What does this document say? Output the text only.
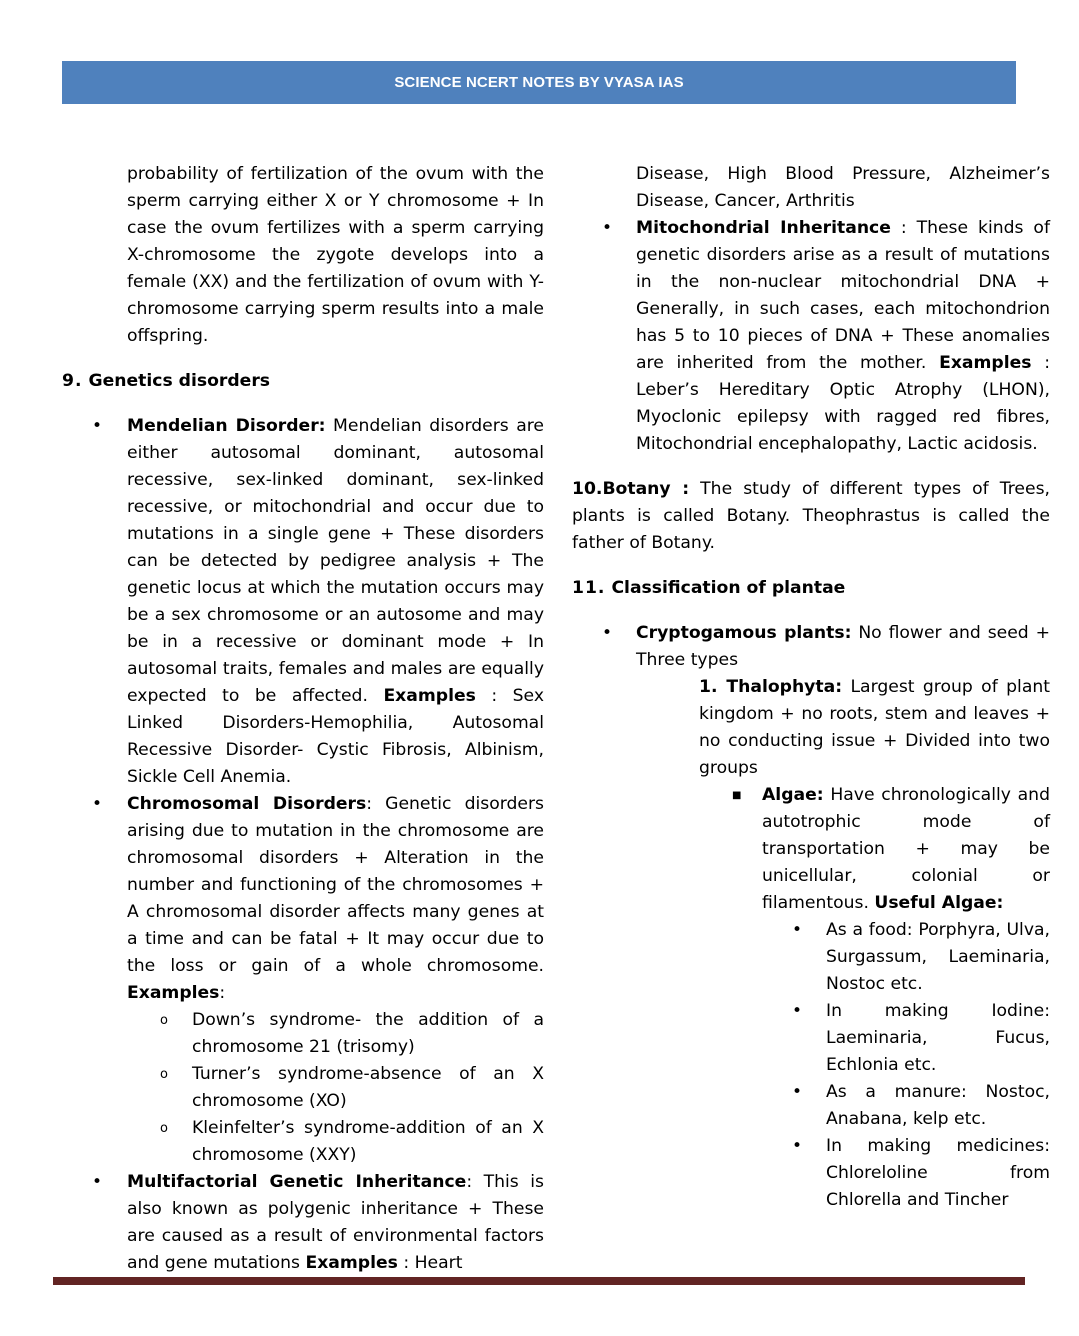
SCIENCE NCERT NOTES BY VYASA IAS

probability of fertilization of the ovum with the sperm carrying either X or Y chromosome + In case the ovum fertilizes with a sperm carrying X-chromosome the zygote develops into a female (XX) and the fertilization of ovum with Y-chromosome carrying sperm results into a male offspring.

9. Genetics disorders

•
Mendelian Disorder: Mendelian disorders are either autosomal dominant, autosomal recessive, sex-linked dominant, sex-linked recessive, or mitochondrial and occur due to mutations in a single gene + These disorders can be detected by pedigree analysis + The genetic locus at which the mutation occurs may be a sex chromosome or an autosome and may be in a recessive or dominant mode + In autosomal traits, females and males are equally expected to be affected. Examples : Sex Linked Disorders-Hemophilia, Autosomal Recessive Disorder- Cystic Fibrosis, Albinism, Sickle Cell Anemia.
•
Chromosomal Disorders: Genetic disorders arising due to mutation in the chromosome are chromosomal disorders + Alteration in the number and functioning of the chromosomes + A chromosomal disorder affects many genes at a time and can be fatal + It may occur due to the loss or gain of a whole chromosome. Examples:
o	Down’s syndrome- the addition of a chromosome 21 (trisomy)
o	Turner’s syndrome-absence of an X chromosome (XO)
o	Kleinfelter’s syndrome-addition of an X chromosome (XXY)
•
Multifactorial Genetic Inheritance: This is also known as polygenic inheritance + These are caused as a result of environmental factors and gene mutations Examples : Heart

Disease, High Blood Pressure, Alzheimer’s Disease, Cancer, Arthritis

•
Mitochondrial Inheritance : These kinds of genetic disorders arise as a result of mutations in the non-nuclear mitochondrial DNA + Generally, in such cases, each mitochondrion has 5 to 10 pieces of DNA + These anomalies are inherited from the mother. Examples : Leber’s Hereditary Optic Atrophy (LHON), Myoclonic epilepsy with ragged red fibres, Mitochondrial encephalopathy, Lactic acidosis.

10.Botany : The study of different types of Trees, plants is called Botany. Theophrastus is called the father of Botany.

11. Classification of plantae

•
Cryptogamous plants: No flower and seed + Three types

1. Thalophyta: Largest group of plant kingdom + no roots, stem and leaves + no conducting issue + Divided into two groups

■ Algae: Have chronologically and autotrophic mode of transportation + may be unicellular, colonial or filamentous. Useful Algae:
•
As a food: Porphyra, Ulva, Surgassum, Laeminaria, Nostoc etc.
•
In making Iodine: Laeminaria, Fucus, Echlonia etc.
•
As a manure: Nostoc, Anabana, kelp etc.
•
In making medicines: Chloreloline from Chlorella and Tincher
